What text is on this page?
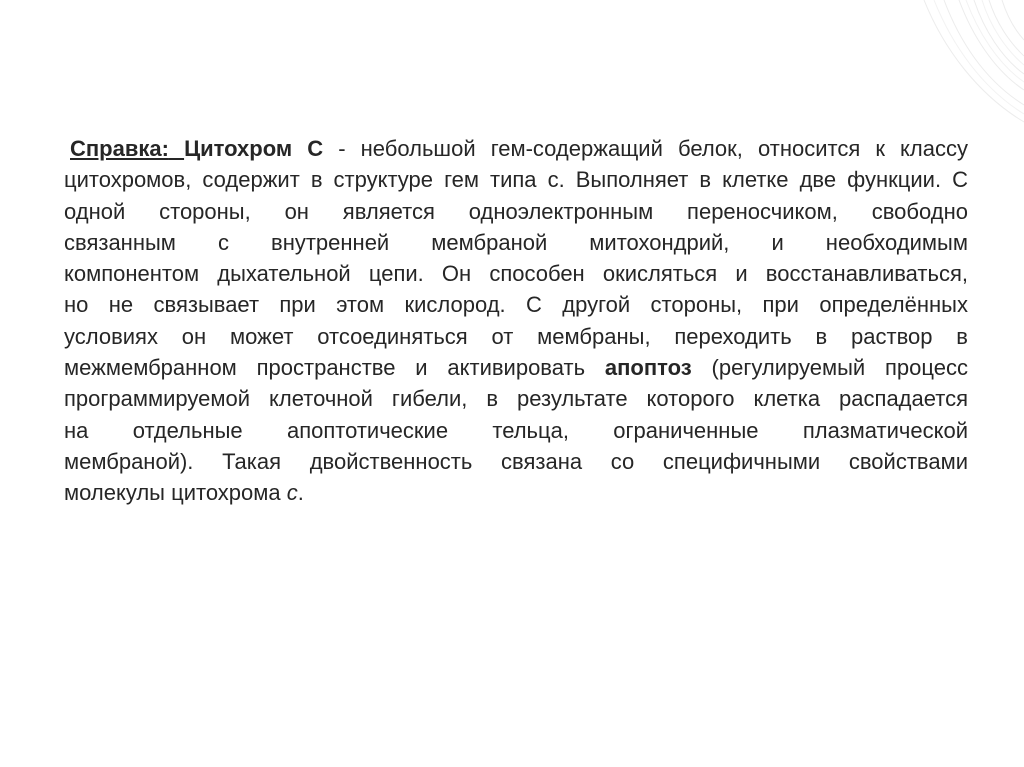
Справка: Цитохром С - небольшой гем-содержащий белок, относится к классу
цитохромов, содержит в структуре гем типа с. Выполняет в клетке две функции. С
одной стороны, он является одноэлектронным переносчиком, свободно
связанным с внутренней мембраной митохондрий, и необходимым
компонентом дыхательной цепи. Он способен окисляться и восстанавливаться,
но не связывает при этом кислород. С другой стороны, при определённых
условиях он может отсоединяться от мембраны, переходить в раствор в
межмембранном пространстве и активировать апоптоз (регулируемый процесс
программируемой клеточной гибели, в результате которого клетка распадается
на отдельные апоптотические тельца, ограниченные плазматической
мембраной). Такая двойственность связана со специфичными свойствами
молекулы цитохрома с.
